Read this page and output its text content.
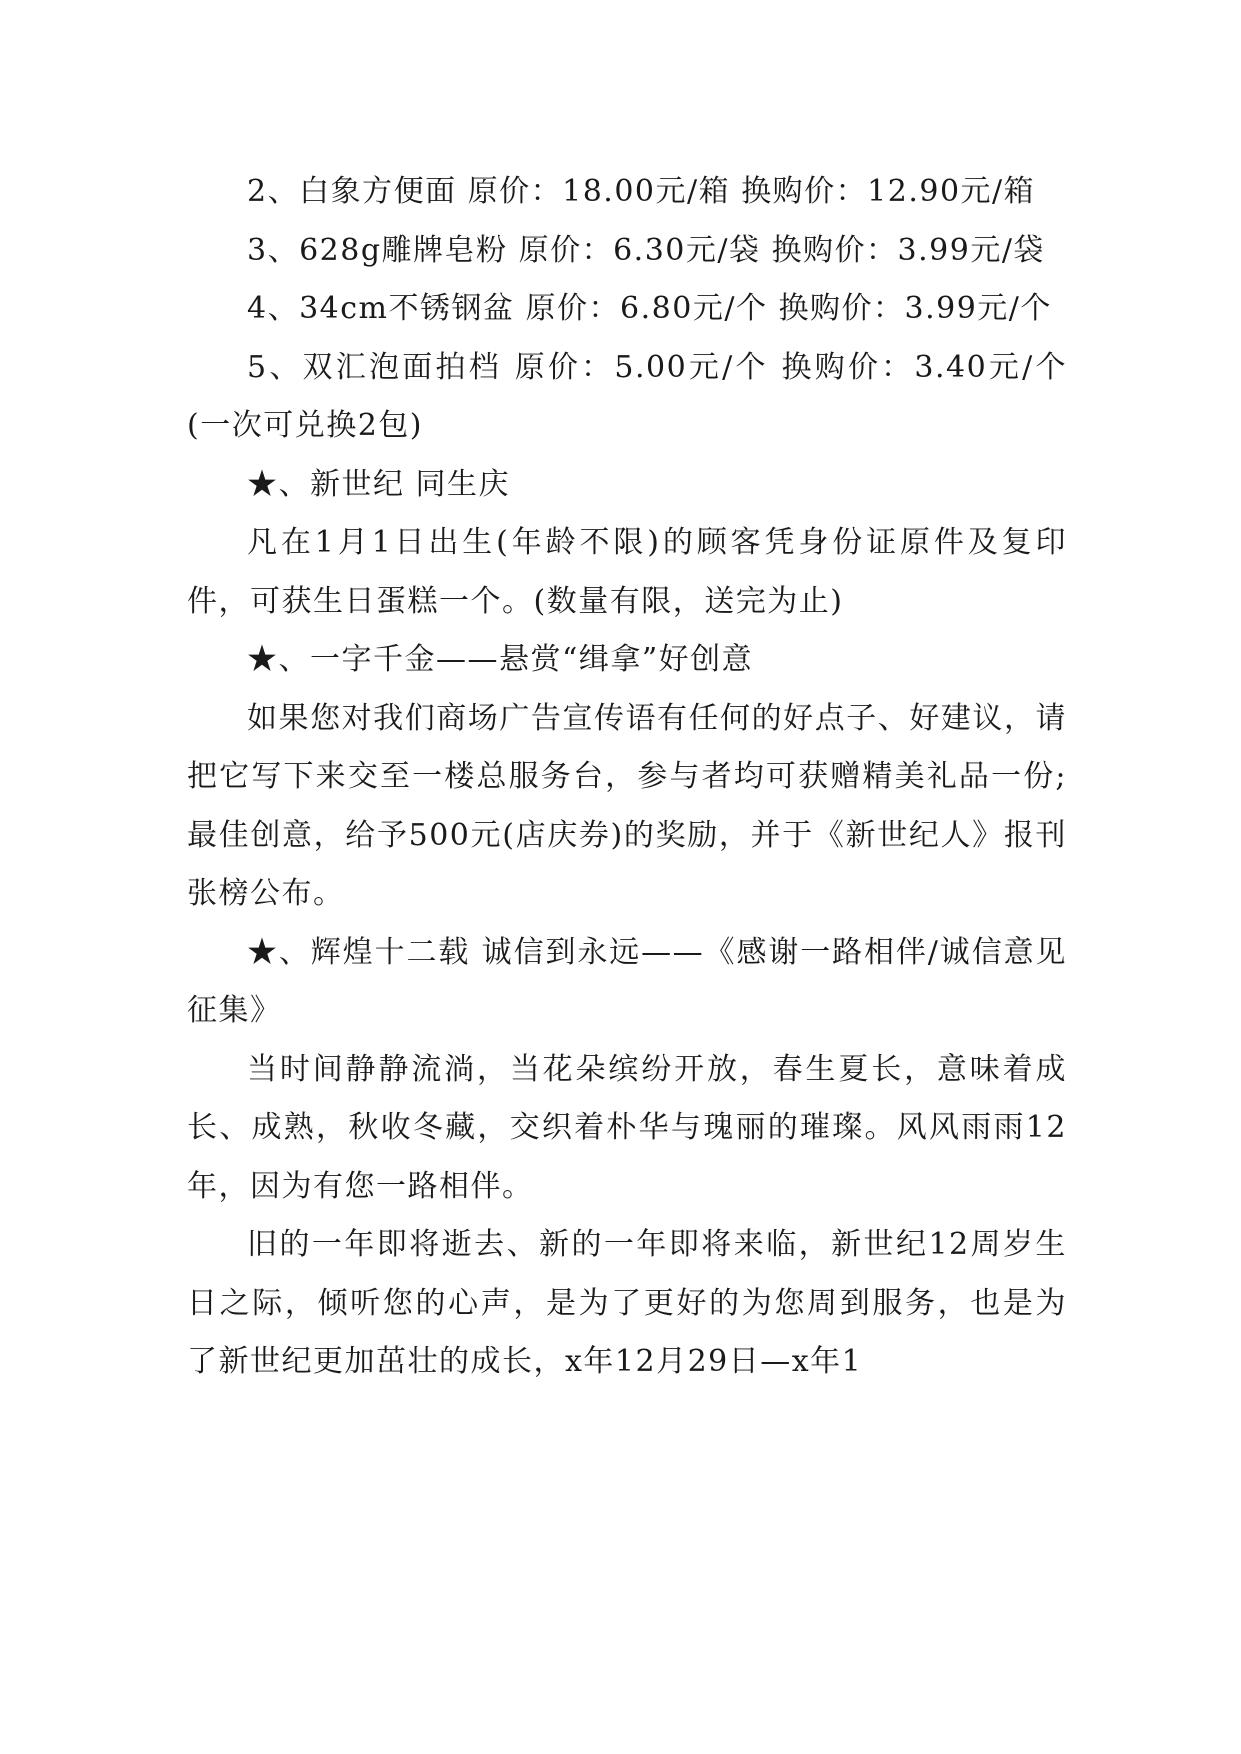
2、白象方便面 原价：18.00元/箱 换购价：12.90元/箱

3、628g雕牌皂粉 原价：6.30元/袋 换购价：3.99元/袋

4、34cm不锈钢盆 原价：6.80元/个 换购价：3.99元/个

5、双汇泡面拍档 原价：5.00元/个 换购价：3.40元/个(一次可兑换2包)

★、新世纪 同生庆

凡在1月1日出生(年龄不限)的顾客凭身份证原件及复印件，可获生日蛋糕一个。(数量有限，送完为止)

★、一字千金——悬赏“缉拿”好创意

如果您对我们商场广告宣传语有任何的好点子、好建议，请把它写下来交至一楼总服务台，参与者均可获赠精美礼品一份;最佳创意，给予500元(店庆券)的奖励，并于《新世纪人》报刊张榜公布。

★、辉煌十二载 诚信到永远——《感谢一路相伴/诚信意见征集》

当时间静静流淌，当花朵缤纷开放，春生夏长，意味着成长、成熟，秋收冬藏，交织着朴华与瑰丽的璀璨。风风雨雨12年，因为有您一路相伴。

旧的一年即将逝去、新的一年即将来临，新世纪12周岁生日之际，倾听您的心声，是为了更好的为您周到服务，也是为了新世纪更加茁壮的成长，x年12月29日—x年1
